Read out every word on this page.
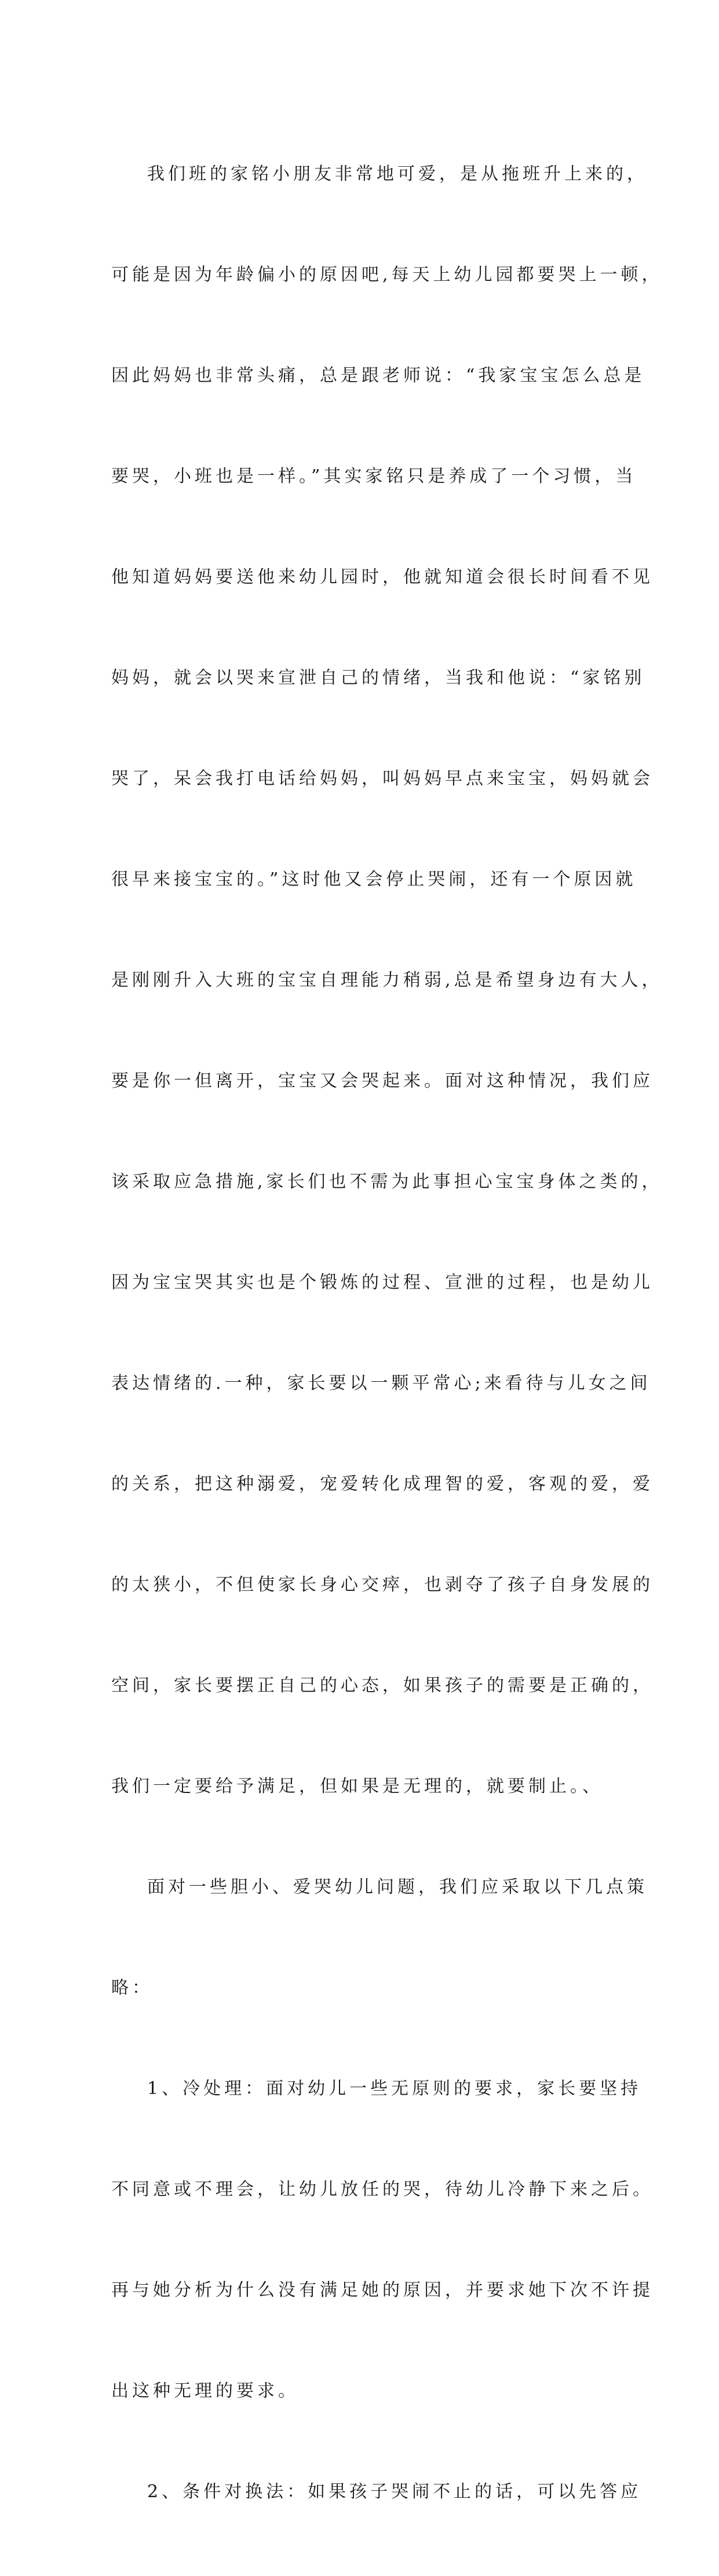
我们班的家铭小朋友非常地可爱，是从拖班升上来的，

可能是因为年龄偏小的原因吧,每天上幼儿园都要哭上一顿，

因此妈妈也非常头痛，总是跟老师说：“我家宝宝怎么总是

要哭，小班也是一样。”其实家铭只是养成了一个习惯，当

他知道妈妈要送他来幼儿园时，他就知道会很长时间看不见

妈妈，就会以哭来宣泄自己的情绪，当我和他说：“家铭别

哭了，呆会我打电话给妈妈，叫妈妈早点来宝宝，妈妈就会

很早来接宝宝的。”这时他又会停止哭闹，还有一个原因就

是刚刚升入大班的宝宝自理能力稍弱,总是希望身边有大人，

要是你一但离开，宝宝又会哭起来。面对这种情况，我们应

该采取应急措施,家长们也不需为此事担心宝宝身体之类的，

因为宝宝哭其实也是个锻炼的过程、宣泄的过程，也是幼儿

表达情绪的.一种，家长要以一颗平常心;来看待与儿女之间

的关系，把这种溺爱，宠爱转化成理智的爱，客观的爱，爱

的太狭小，不但使家长身心交瘁，也剥夺了孩子自身发展的

空间，家长要摆正自己的心态，如果孩子的需要是正确的，

我们一定要给予满足，但如果是无理的，就要制止。、

面对一些胆小、爱哭幼儿问题，我们应采取以下几点策

略：

1、冷处理：面对幼儿一些无原则的要求，家长要坚持

不同意或不理会，让幼儿放任的哭，待幼儿冷静下来之后。

再与她分析为什么没有满足她的原因，并要求她下次不许提

出这种无理的要求。

2、条件对换法：如果孩子哭闹不止的话，可以先答应
